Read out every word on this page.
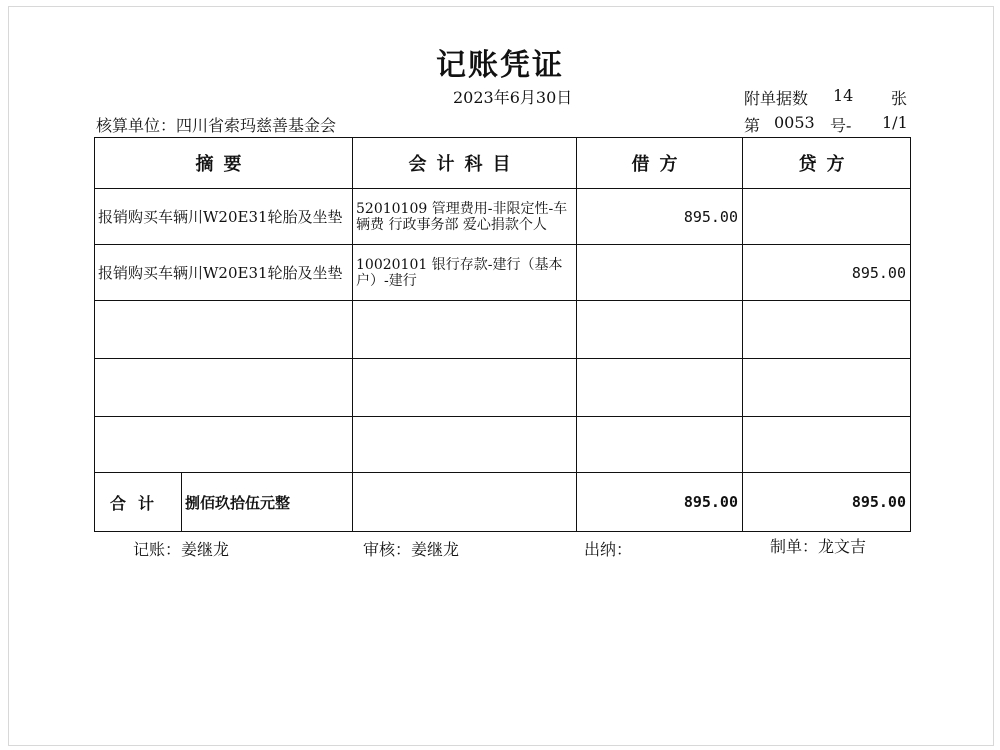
记账凭证
2023年6月30日	附单据数 14 张
第 0053 号- 1/1
核算单位：四川省索玛慈善基金会
摘要	会计科目	借方	贷方
报销购买车辆川W20E31轮胎及坐垫	52010109 管理费用-非限定性-车辆费 行政事务部 爱心捐款个人	895.00	
报销购买车辆川W20E31轮胎及坐垫	10020101 银行存款-建行（基本户）-建行		895.00

合计 捌佰玖拾伍元整		895.00	895.00
记账：姜继龙	审核：姜继龙	出纳：	制单：龙文吉
